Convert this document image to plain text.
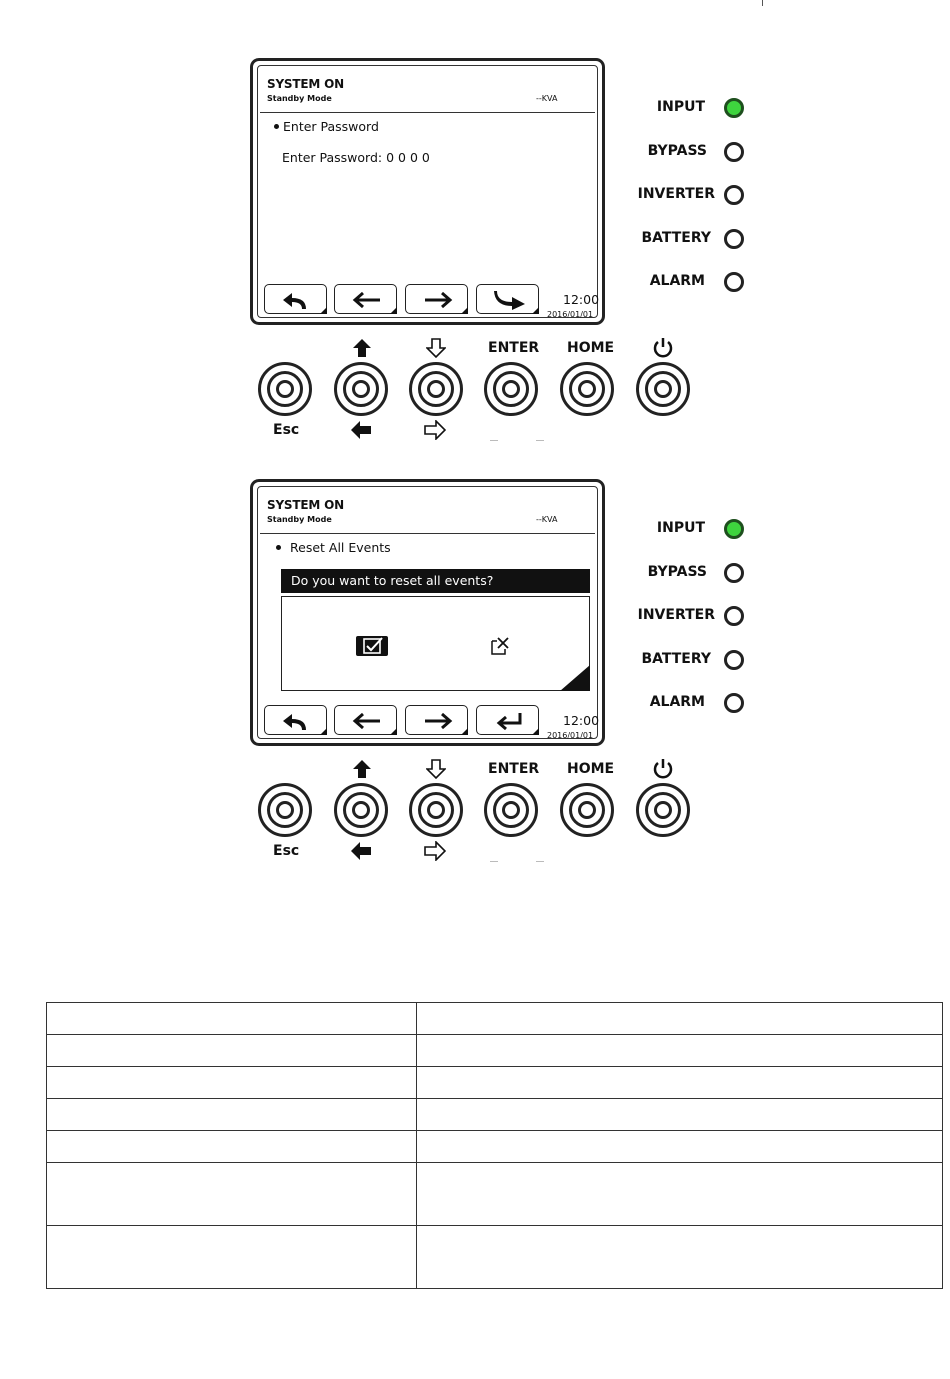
SYSTEM ON
Standby Mode	--KVA
Enter Password
Enter Password: 0 0 0 0
12:00
2016/01/01
INPUT
BYPASS
INVERTER
BATTERY
ALARM
ENTER HOME
Esc
SYSTEM ON
Standby Mode	--KVA
Reset All Events
Do you want to reset all events?
12:00
2016/01/01
INPUT
BYPASS
INVERTER
BATTERY
ALARM
ENTER HOME
Esc
